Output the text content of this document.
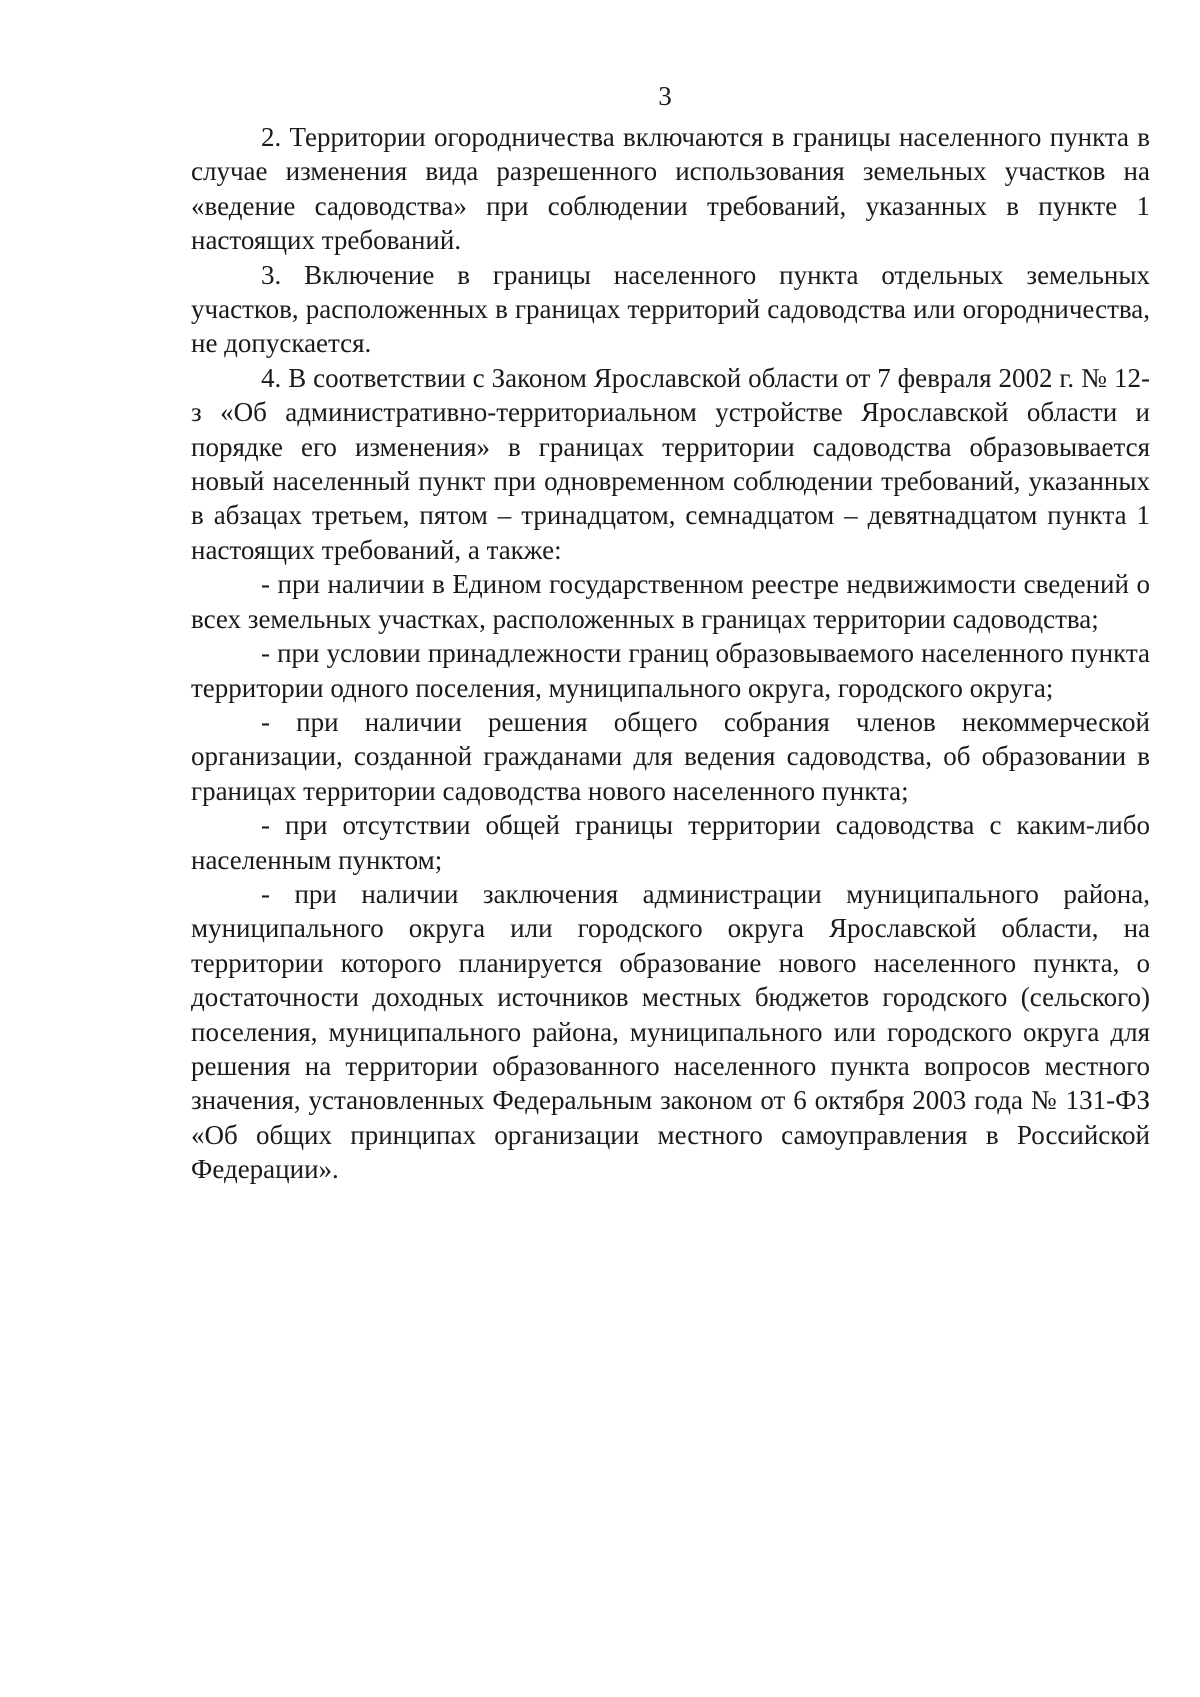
3

2. Территории огородничества включаются в границы населенного пункта в случае изменения вида разрешенного использования земельных участков на «ведение садоводства» при соблюдении требований, указанных в пункте 1 настоящих требований.

3. Включение в границы населенного пункта отдельных земельных участков, расположенных в границах территорий садоводства или огородничества, не допускается.

4. В соответствии с Законом Ярославской области от 7 февраля 2002 г. № 12-з «Об административно-территориальном устройстве Ярославской области и порядке его изменения» в границах территории садоводства образовывается новый населенный пункт при одновременном соблюдении требований, указанных в абзацах третьем, пятом – тринадцатом, семнадцатом – девятнадцатом пункта 1 настоящих требований, а также:

- при наличии в Едином государственном реестре недвижимости сведений о всех земельных участках, расположенных в границах территории садоводства;

- при условии принадлежности границ образовываемого населенного пункта территории одного поселения, муниципального округа, городского округа;

- при наличии решения общего собрания членов некоммерческой организации, созданной гражданами для ведения садоводства, об образовании в границах территории садоводства нового населенного пункта;

- при отсутствии общей границы территории садоводства с каким-либо населенным пунктом;

- при наличии заключения администрации муниципального района, муниципального округа или городского округа Ярославской области, на территории которого планируется образование нового населенного пункта, о достаточности доходных источников местных бюджетов городского (сельского) поселения, муниципального района, муниципального или городского округа для решения на территории образованного населенного пункта вопросов местного значения, установленных Федеральным законом от 6 октября 2003 года № 131-ФЗ «Об общих принципах организации местного самоуправления в Российской Федерации».
